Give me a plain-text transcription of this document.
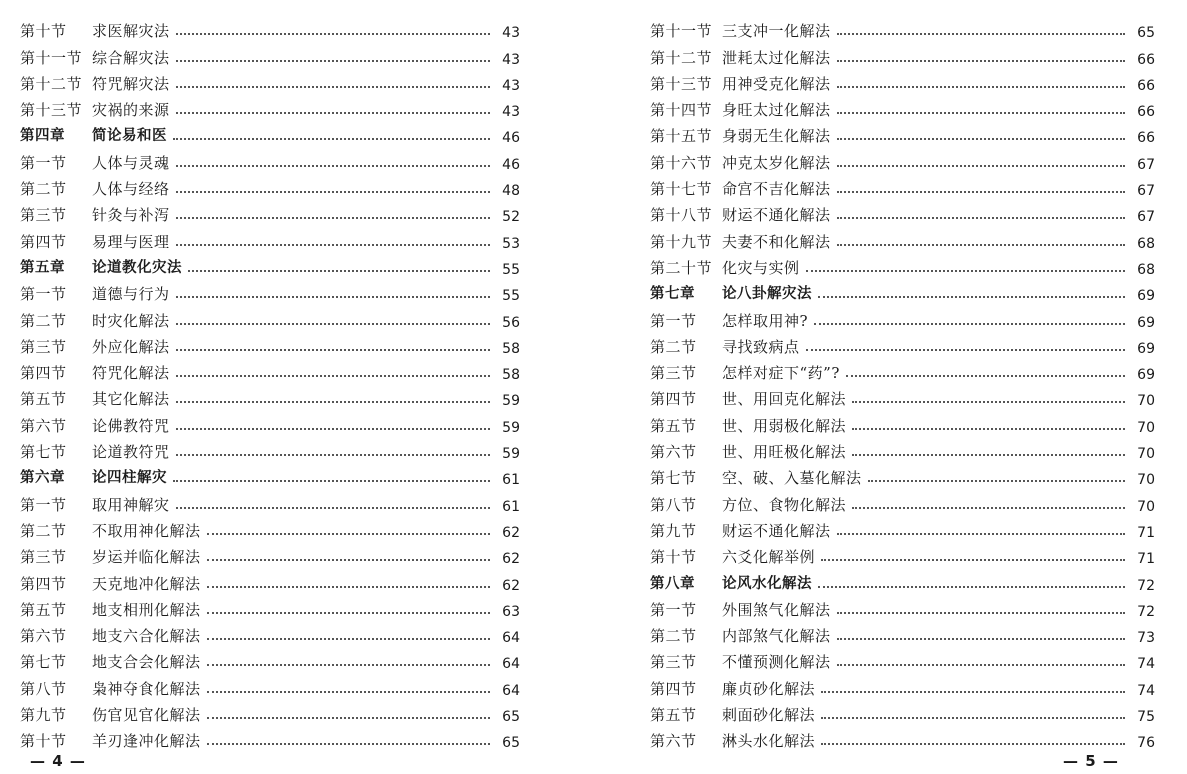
第十节	求医解灾法	43
第十一节 综合解灾法	43
第十二节 符咒解灾法	43
第十三节 灾祸的来源	43
第四章	简论易和医	46
第一节	人体与灵魂	46
第二节	人体与经络	48
第三节	针灸与补泻	52
第四节	易理与医理	53
第五章	论道教化灾法	55
第一节	道德与行为	55
第二节	时灾化解法	56
第三节	外应化解法	58
第四节	符咒化解法	58
第五节	其它化解法	59
第六节	论佛教符咒	59
第七节	论道教符咒	59
第六章	论四柱解灾	61
第一节	取用神解灾	61
第二节	不取用神化解法	62
第三节	岁运并临化解法	62
第四节	天克地冲化解法	62
第五节	地支相刑化解法	63
第六节	地支六合化解法	64
第七节	地支合会化解法	64
第八节	枭神夺食化解法	64
第九节	伤官见官化解法	65
第十节	羊刃逢冲化解法	65
— 4 —
第十一节 三支冲一化解法	65
第十二节 泄耗太过化解法	66
第十三节 用神受克化解法	66
第十四节 身旺太过化解法	66
第十五节 身弱无生化解法	66
第十六节 冲克太岁化解法	67
第十七节 命宫不吉化解法	67
第十八节 财运不通化解法	67
第十九节 夫妻不和化解法	68
第二十节 化灾与实例	68
第七章	论八卦解灾法	69
第一节	怎样取用神?	69
第二节	寻找致病点	69
第三节	怎样对症下“药”?	69
第四节	世、用回克化解法	70
第五节	世、用弱极化解法	70
第六节	世、用旺极化解法	70
第七节	空、破、入墓化解法	70
第八节	方位、食物化解法	70
第九节	财运不通化解法	71
第十节	六爻化解举例	71
第八章	论风水化解法	72
第一节	外围煞气化解法	72
第二节	内部煞气化解法	73
第三节	不懂预测化解法	74
第四节	廉贞砂化解法	74
第五节	刺面砂化解法	75
第六节	淋头水化解法	76
— 5 —
